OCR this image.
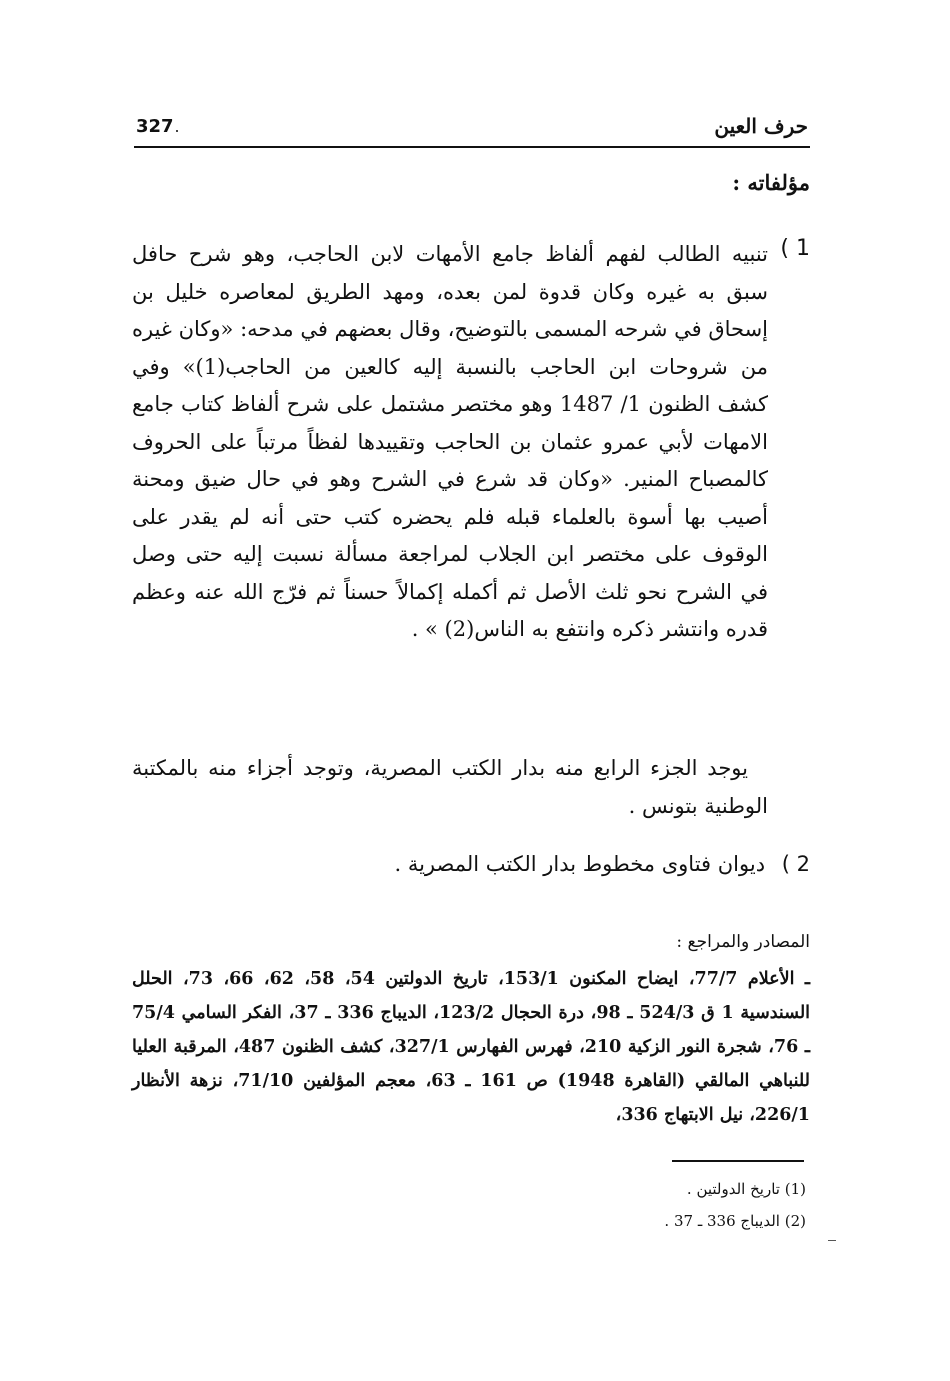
حرف العين
327
مؤلفاته :
1 )
تنبيه الطالب لفهم ألفاظ جامع الأمهات لابن الحاجب، وهو شرح حافل سبق به غيره وكان قدوة لمن بعده، ومهد الطريق لمعاصره خليل بن إسحاق في شرحه المسمى بالتوضيح، وقال بعضهم في مدحه: «وكان غيره من شروحات ابن الحاجب بالنسبة إليه كالعين من الحاجب(1)» وفي كشف الظنون 1/ 1487 وهو مختصر مشتمل على شرح ألفاظ كتاب جامع الامهات لأبي عمرو عثمان بن الحاجب وتقييدها لفظاً مرتباً على الحروف كالمصباح المنير. «وكان قد شرع في الشرح وهو في حال ضيق ومحنة أصيب بها أسوة بالعلماء قبله فلم يحضره كتب حتى أنه لم يقدر على الوقوف على مختصر ابن الجلاب لمراجعة مسألة نسبت إليه حتى وصل في الشرح نحو ثلث الأصل ثم أكمله إكمالاً حسناً ثم فرّج الله عنه وعظم قدره وانتشر ذكره وانتفع به الناس(2) » .
يوجد الجزء الرابع منه بدار الكتب المصرية، وتوجد أجزاء منه بالمكتبة الوطنية بتونس .
2 ) ديوان فتاوى مخطوط بدار الكتب المصرية .
المصادر والمراجع :
ـ الأعلام 77/7، ايضاح المكنون 153/1، تاريخ الدولتين 54، 58، 62، 66، 73، الحلل السندسية 1 ق 524/3 ـ 98، درة الحجال 123/2، الديباج 336 ـ 37، الفكر السامي 75/4 ـ 76، شجرة النور الزكية 210، فهرس الفهارس 327/1، كشف الظنون 487، المرقبة العليا للنباهي المالقي (القاهرة 1948) ص 161 ـ 63، معجم المؤلفين 71/10، نزهة الأنظار 226/1، نيل الابتهاج 336،
(1) تاريخ الدولتين .
(2) الديباج 336 ـ 37 .
